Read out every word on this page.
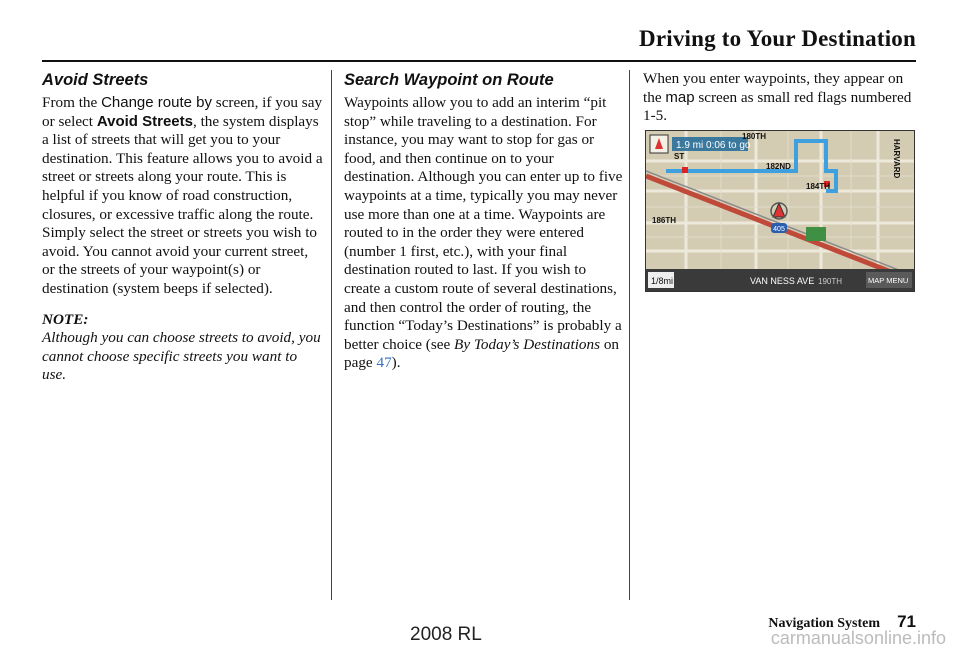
Driving to Your Destination
Avoid Streets

From the Change route by screen, if you say or select Avoid Streets, the system displays a list of streets that will get you to your destination. This feature allows you to avoid a street or streets along your route. This is helpful if you know of road construction, closures, or excessive traffic along the route. Simply select the street or streets you wish to avoid. You cannot avoid your current street, or the streets of your waypoint(s) or destination (system beeps if selected).

NOTE:

Although you can choose streets to avoid, you cannot choose specific streets you want to use.

Search Waypoint on Route

Waypoints allow you to add an interim “pit stop” while traveling to a destination. For instance, you may want to stop for gas or food, and then continue on to your destination. Although you can enter up to five waypoints at a time, typically you may never use more than one at a time. Waypoints are routed to in the order they were entered (number 1 first, etc.), with your final destination routed to last. If you wish to create a custom route of several destinations, and then control the order of routing, the function “Today’s Destinations” is probably a better choice (see By Today’s Destinations on page 47).

When you enter waypoints, they appear on the map screen as small red flags numbered 1-5.

405
1.9 mi 0:06 to go
180TH
182ND
184TH
186TH
ST	HARVARD
1/8mi	VAN NESS AVE 190TH	MAP MENU
Navigation System 71
2008 RL	carmanualsonline.info
